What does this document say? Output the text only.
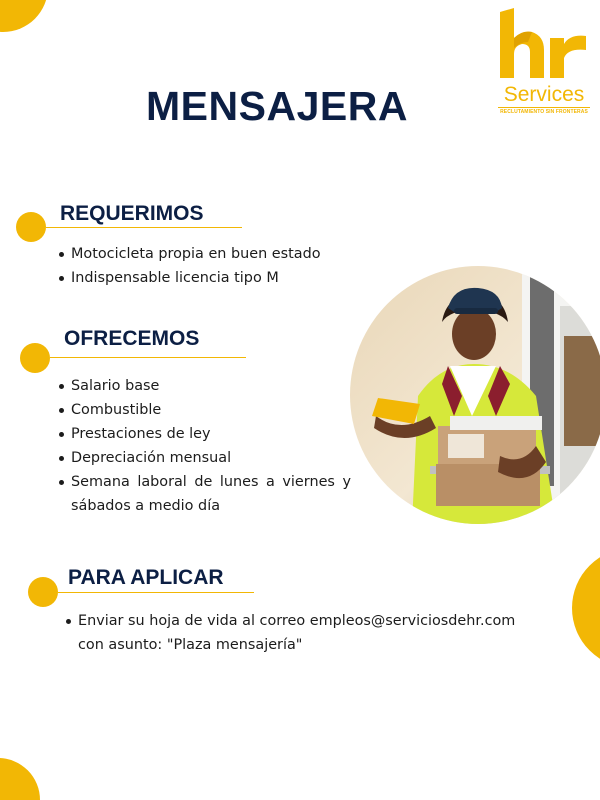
Services
RECLUTAMIENTO SIN FRONTERAS
MENSAJERA
REQUERIMOS
Motocicleta propia en buen estado
Indispensable licencia tipo M
OFRECEMOS
Salario base
Combustible
Prestaciones de ley
Depreciación mensual
Semana laboral de lunes a viernes y sábados a medio día
PARA APLICAR
Enviar su hoja de vida al correo empleos@serviciosdehr.com con asunto: "Plaza mensajería"
